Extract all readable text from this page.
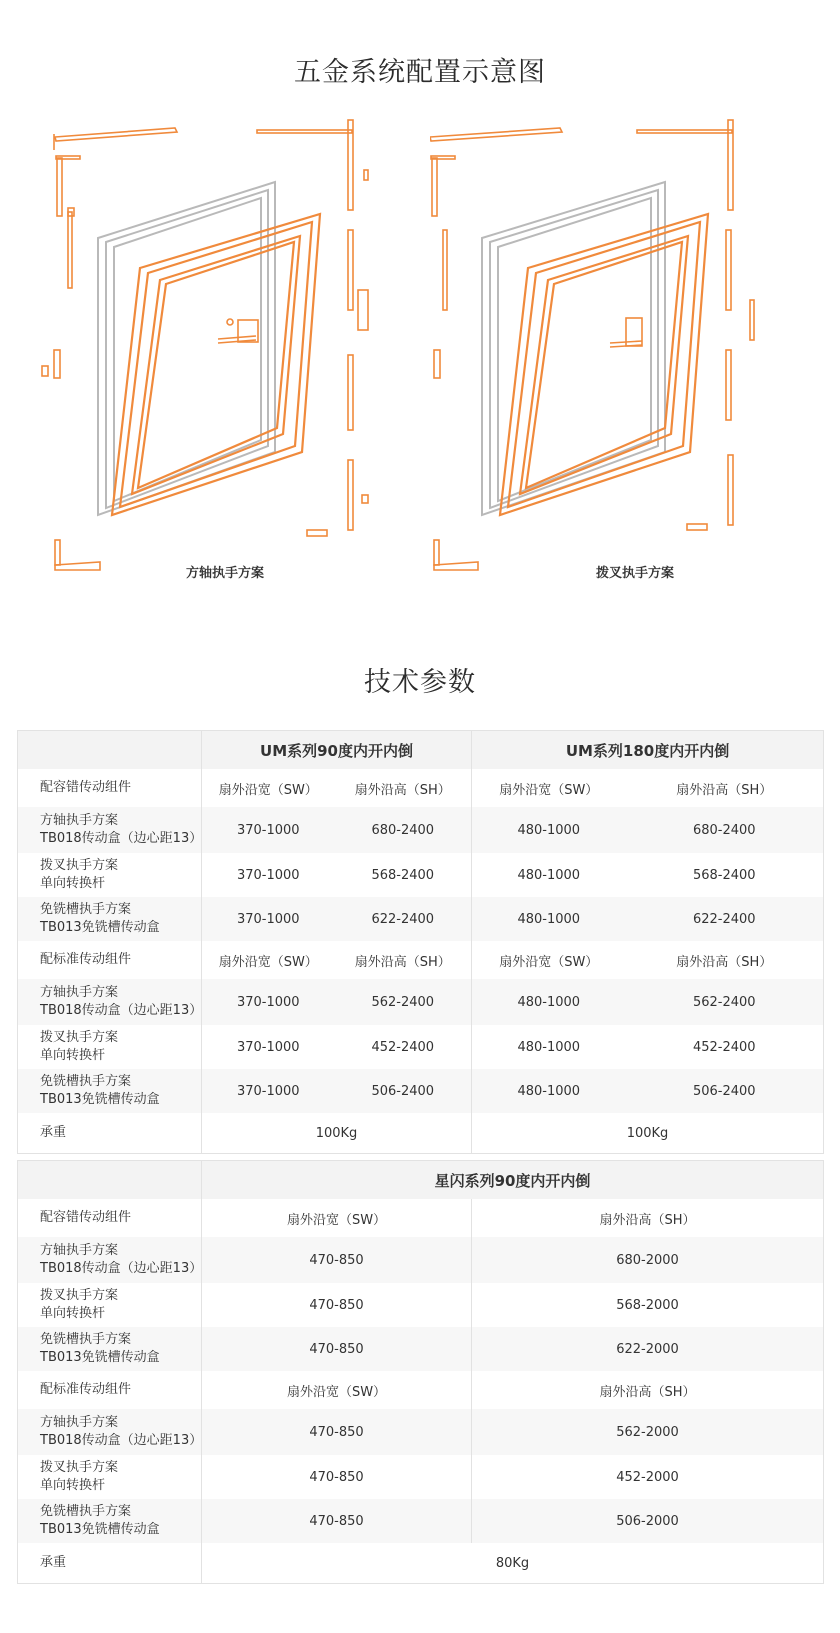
五金系统配置示意图
方轴执手方案	拨叉执手方案
技术参数
	UM系列90度内开内倒		UM系列180度内开内倒	
配容错传动组件	扇外沿宽（SW）	扇外沿高（SH）	扇外沿宽（SW）	扇外沿高（SH）
方轴执手方案
TB018传动盒（边心距13）	370-1000	680-2400	480-1000	680-2400
拨叉执手方案
单向转换杆	370-1000	568-2400	480-1000	568-2400
免铣槽执手方案
TB013免铣槽传动盒	370-1000	622-2400	480-1000	622-2400
配标准传动组件	扇外沿宽（SW）	扇外沿高（SH）	扇外沿宽（SW）	扇外沿高（SH）
方轴执手方案
TB018传动盒（边心距13）	370-1000	562-2400	480-1000	562-2400
拨叉执手方案
单向转换杆	370-1000	452-2400	480-1000	452-2400
免铣槽执手方案
TB013免铣槽传动盒	370-1000	506-2400	480-1000	506-2400
承重	100Kg		100Kg	
	星闪系列90度内开内倒	
配容错传动组件	扇外沿宽（SW）	扇外沿高（SH）
方轴执手方案
TB018传动盒（边心距13）	470-850	680-2000
拨叉执手方案
单向转换杆	470-850	568-2000
免铣槽执手方案
TB013免铣槽传动盒	470-850	622-2000
配标准传动组件	扇外沿宽（SW）	扇外沿高（SH）
方轴执手方案
TB018传动盒（边心距13）	470-850	562-2000
拨叉执手方案
单向转换杆	470-850	452-2000
免铣槽执手方案
TB013免铣槽传动盒	470-850	506-2000
承重	80Kg	
